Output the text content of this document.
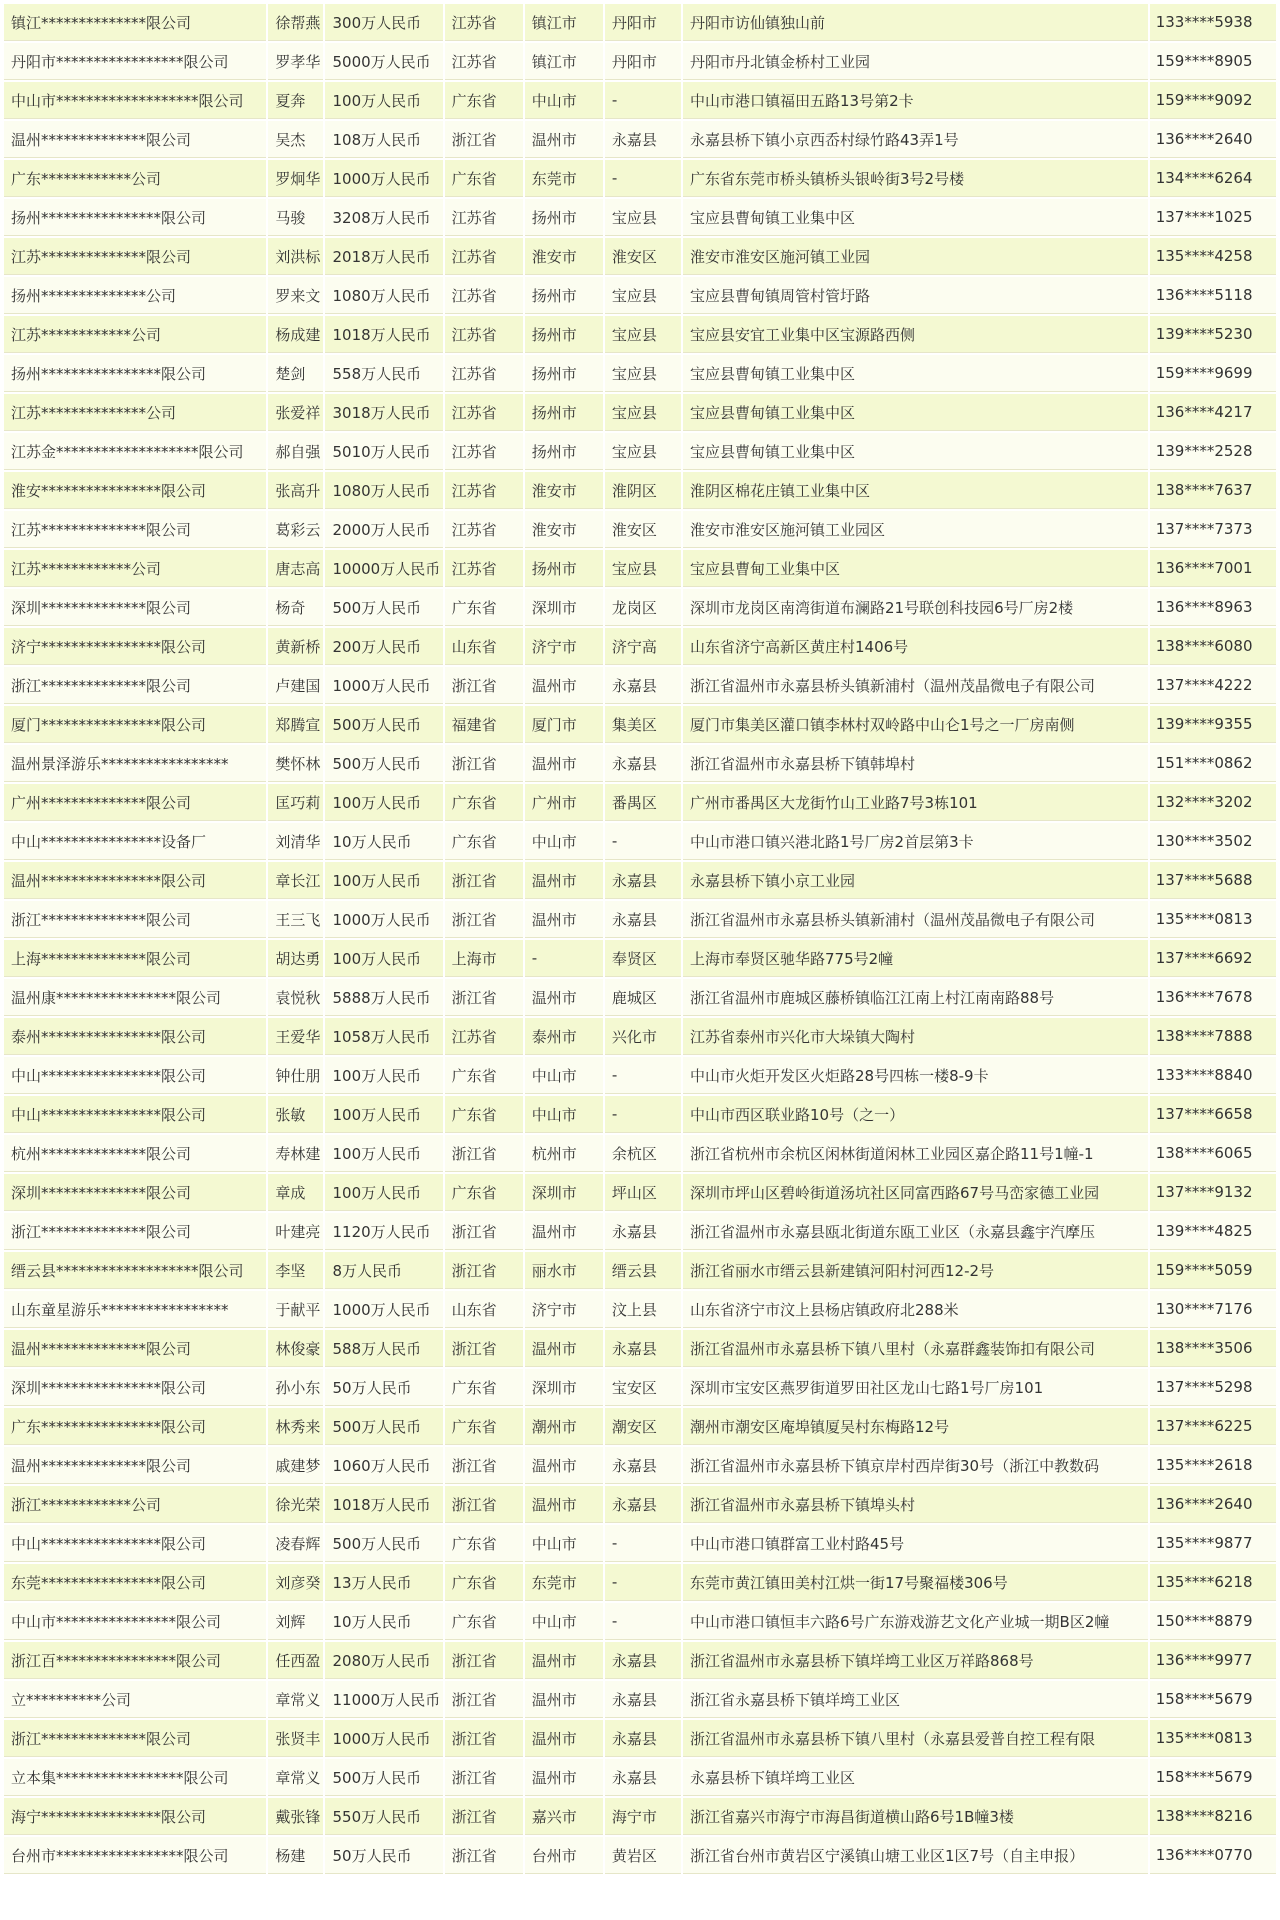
镇江**************限公司	徐帮燕	300万人民币	江苏省	镇江市	丹阳市	丹阳市访仙镇独山前	133****5938
丹阳市*****************限公司	罗孝华	5000万人民币	江苏省	镇江市	丹阳市	丹阳市丹北镇金桥村工业园	159****8905
中山市*******************限公司	夏奔	100万人民币	广东省	中山市	-	中山市港口镇福田五路13号第2卡	159****9092
温州**************限公司	吴杰	108万人民币	浙江省	温州市	永嘉县	永嘉县桥下镇小京西岙村绿竹路43弄1号	136****2640
广东************公司	罗炯华	1000万人民币	广东省	东莞市	-	广东省东莞市桥头镇桥头银岭街3号2号楼	134****6264
扬州****************限公司	马骏	3208万人民币	江苏省	扬州市	宝应县	宝应县曹甸镇工业集中区	137****1025
江苏**************限公司	刘洪标	2018万人民币	江苏省	淮安市	淮安区	淮安市淮安区施河镇工业园	135****4258
扬州**************公司	罗来文	1080万人民币	江苏省	扬州市	宝应县	宝应县曹甸镇周管村管圩路	136****5118
江苏************公司	杨成建	1018万人民币	江苏省	扬州市	宝应县	宝应县安宜工业集中区宝源路西侧	139****5230
扬州****************限公司	楚剑	558万人民币	江苏省	扬州市	宝应县	宝应县曹甸镇工业集中区	159****9699
江苏**************公司	张爱祥	3018万人民币	江苏省	扬州市	宝应县	宝应县曹甸镇工业集中区	136****4217
江苏金*******************限公司	郝自强	5010万人民币	江苏省	扬州市	宝应县	宝应县曹甸镇工业集中区	139****2528
淮安****************限公司	张高升	1080万人民币	江苏省	淮安市	淮阴区	淮阴区棉花庄镇工业集中区	138****7637
江苏**************限公司	葛彩云	2000万人民币	江苏省	淮安市	淮安区	淮安市淮安区施河镇工业园区	137****7373
江苏************公司	唐志高	10000万人民币	江苏省	扬州市	宝应县	宝应县曹甸工业集中区	136****7001
深圳**************限公司	杨奇	500万人民币	广东省	深圳市	龙岗区	深圳市龙岗区南湾街道布澜路21号联创科技园6号厂房2楼	136****8963
济宁****************限公司	黄新桥	200万人民币	山东省	济宁市	济宁高	山东省济宁高新区黄庄村1406号	138****6080
浙江**************限公司	卢建国	1000万人民币	浙江省	温州市	永嘉县	浙江省温州市永嘉县桥头镇新浦村（温州茂晶微电子有限公司	137****4222
厦门****************限公司	郑腾宣	500万人民币	福建省	厦门市	集美区	厦门市集美区灌口镇李林村双岭路中山仑1号之一厂房南侧	139****9355
温州景泽游乐*****************	樊怀林	500万人民币	浙江省	温州市	永嘉县	浙江省温州市永嘉县桥下镇韩埠村	151****0862
广州**************限公司	匡巧莉	100万人民币	广东省	广州市	番禺区	广州市番禺区大龙街竹山工业路7号3栋101	132****3202
中山****************设备厂	刘清华	10万人民币	广东省	中山市	-	中山市港口镇兴港北路1号厂房2首层第3卡	130****3502
温州****************限公司	章长江	100万人民币	浙江省	温州市	永嘉县	永嘉县桥下镇小京工业园	137****5688
浙江**************限公司	王三飞	1000万人民币	浙江省	温州市	永嘉县	浙江省温州市永嘉县桥头镇新浦村（温州茂晶微电子有限公司	135****0813
上海**************限公司	胡达勇	100万人民币	上海市	-	奉贤区	上海市奉贤区驰华路775号2幢	137****6692
温州康****************限公司	袁悦秋	5888万人民币	浙江省	温州市	鹿城区	浙江省温州市鹿城区藤桥镇临江江南上村江南南路88号	136****7678
泰州****************限公司	王爱华	1058万人民币	江苏省	泰州市	兴化市	江苏省泰州市兴化市大垛镇大陶村	138****7888
中山****************限公司	钟仕朋	100万人民币	广东省	中山市	-	中山市火炬开发区火炬路28号四栋一楼8-9卡	133****8840
中山****************限公司	张敏	100万人民币	广东省	中山市	-	中山市西区联业路10号（之一）	137****6658
杭州**************限公司	寿林建	100万人民币	浙江省	杭州市	余杭区	浙江省杭州市余杭区闲林街道闲林工业园区嘉企路11号1幢-1	138****6065
深圳**************限公司	章成	100万人民币	广东省	深圳市	坪山区	深圳市坪山区碧岭街道汤坑社区同富西路67号马峦家德工业园	137****9132
浙江**************限公司	叶建亮	1120万人民币	浙江省	温州市	永嘉县	浙江省温州市永嘉县瓯北街道东瓯工业区（永嘉县鑫宇汽摩压	139****4825
缙云县*******************限公司	李坚	8万人民币	浙江省	丽水市	缙云县	浙江省丽水市缙云县新建镇河阳村河西12-2号	159****5059
山东童星游乐*****************	于献平	1000万人民币	山东省	济宁市	汶上县	山东省济宁市汶上县杨店镇政府北288米	130****7176
温州**************限公司	林俊豪	588万人民币	浙江省	温州市	永嘉县	浙江省温州市永嘉县桥下镇八里村（永嘉群鑫装饰扣有限公司	138****3506
深圳****************限公司	孙小东	50万人民币	广东省	深圳市	宝安区	深圳市宝安区燕罗街道罗田社区龙山七路1号厂房101	137****5298
广东****************限公司	林秀来	500万人民币	广东省	潮州市	潮安区	潮州市潮安区庵埠镇厦吴村东梅路12号	137****6225
温州**************限公司	戚建梦	1060万人民币	浙江省	温州市	永嘉县	浙江省温州市永嘉县桥下镇京岸村西岸街30号（浙江中教数码	135****2618
浙江************公司	徐光荣	1018万人民币	浙江省	温州市	永嘉县	浙江省温州市永嘉县桥下镇埠头村	136****2640
中山****************限公司	凌春辉	500万人民币	广东省	中山市	-	中山市港口镇群富工业村路45号	135****9877
东莞****************限公司	刘彦癸	13万人民币	广东省	东莞市	-	东莞市黄江镇田美村江烘一街17号聚福楼306号	135****6218
中山市****************限公司	刘辉	10万人民币	广东省	中山市	-	中山市港口镇恒丰六路6号广东游戏游艺文化产业城一期B区2幢	150****8879
浙江百****************限公司	任西盈	2080万人民币	浙江省	温州市	永嘉县	浙江省温州市永嘉县桥下镇垟塆工业区万祥路868号	136****9977
立**********公司	章常义	11000万人民币	浙江省	温州市	永嘉县	浙江省永嘉县桥下镇垟塆工业区	158****5679
浙江**************限公司	张贤丰	1000万人民币	浙江省	温州市	永嘉县	浙江省温州市永嘉县桥下镇八里村（永嘉县爱普自控工程有限	135****0813
立本集*****************限公司	章常义	500万人民币	浙江省	温州市	永嘉县	永嘉县桥下镇垟塆工业区	158****5679
海宁****************限公司	戴张锋	550万人民币	浙江省	嘉兴市	海宁市	浙江省嘉兴市海宁市海昌街道横山路6号1B幢3楼	138****8216
台州市*****************限公司	杨建	50万人民币	浙江省	台州市	黄岩区	浙江省台州市黄岩区宁溪镇山塘工业区1区7号（自主申报）	136****0770
